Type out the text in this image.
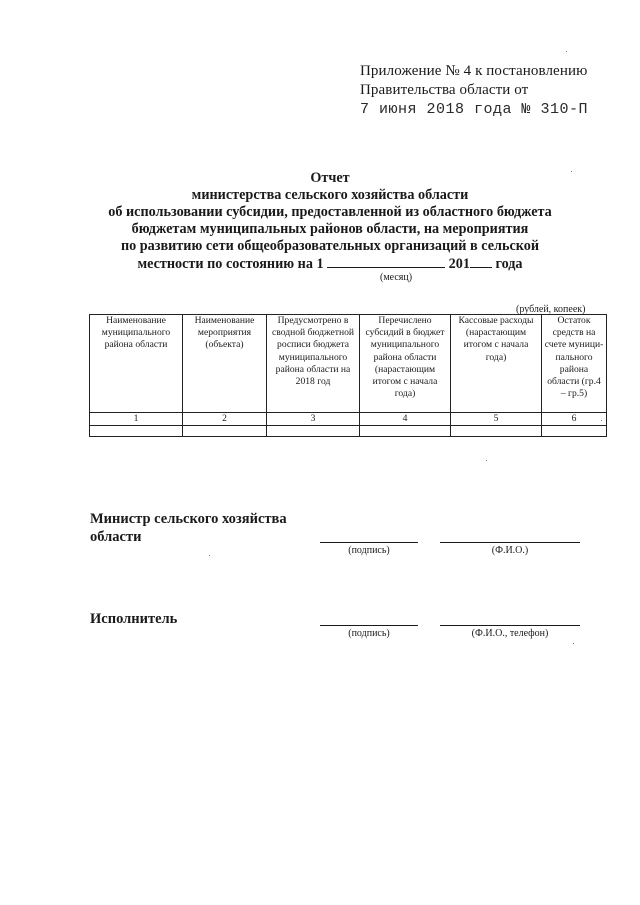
Приложение № 4 к постановлению
Правительства области от
7 июня 2018 года № 310-П
Отчет
министерства сельского хозяйства области
об использовании субсидии, предоставленной из областного бюджета
бюджетам муниципальных районов области, на мероприятия
по развитию сети общеобразовательных организаций в сельской
местности по состоянию на 1	201 года
(месяц)
(рублей, копеек)
Наименование муниципального района области	Наименование мероприятия (объекта)	Предусмотрено в сводной бюджетной росписи бюджета муниципального района области на 2018 год	Перечислено субсидий в бюджет муниципального района области (нарастающим итогом с начала года)	Кассовые расходы (нарастающим итогом с начала года)	Остаток средств на счете муници-пального района области (гр.4 – гр.5)
1	2	3	4	5	6

Министр сельского хозяйства
области
(подпись)	(Ф.И.О.)
Исполнитель
(подпись)	(Ф.И.О., телефон)
